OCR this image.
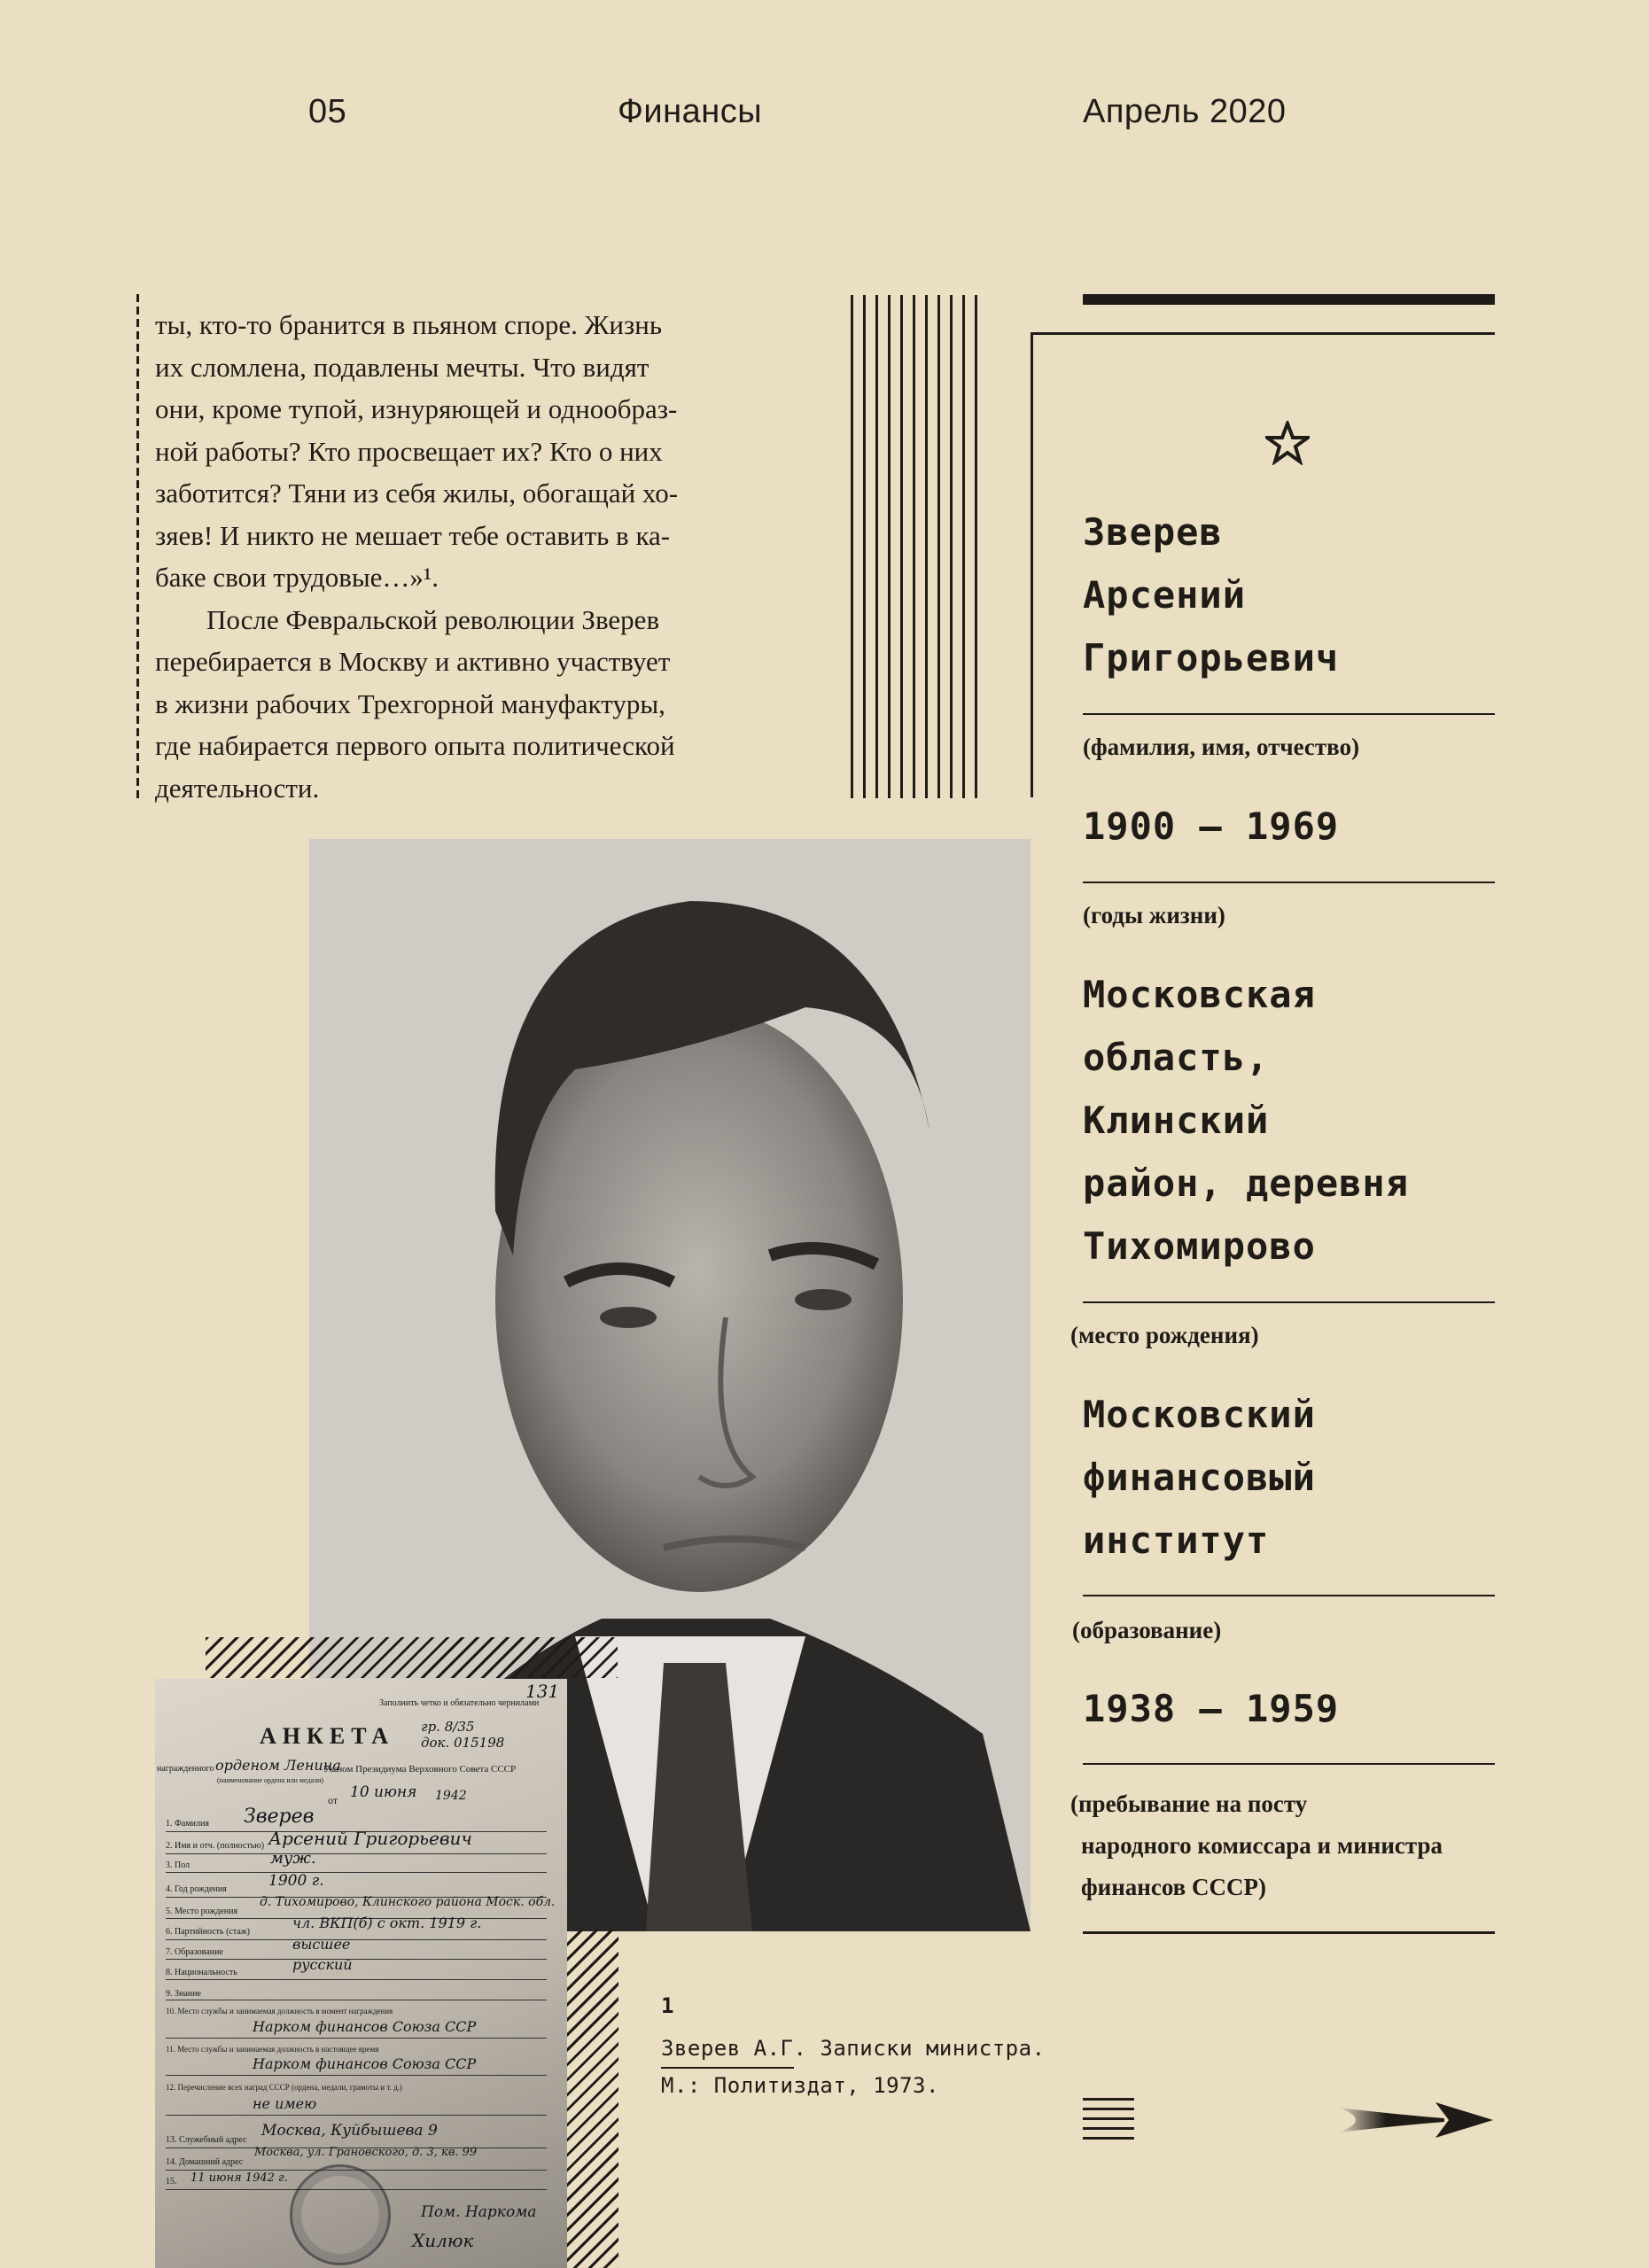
05	Финансы	Апрель 2020

ты, кто-то бранится в пьяном споре. Жизнь

их сломлена, подавлены мечты. Что видят

они, кроме тупой, изнуряющей и однообраз-

ной работы? Кто просвещает их? Кто о них

заботится? Тяни из себя жилы, обогащай хо-

зяев! И никто не мешает тебе оставить в ка-

баке свои трудовые…»¹.

После Февральской революции Зверев

перебирается в Москву и активно участвует

в жизни рабочих Трехгорной мануфактуры,

где набирается первого опыта политической

деятельности.

Зверев
Арсений
Григорьевич
(фамилия, имя, отчество)
1900 — 1969
(годы жизни)
Московская
область,
Клинский
район, деревня
Тихомирово
(место рождения)
Московский
финансовый
институт
(образование)
1938 — 1959
(пребывание на посту
народного комиссара и министра
финансов СССР)
131
Заполнить четко и обязательно чернилами
АНКЕТА гр. 8/35
док. 015198
награжденного орденом Ленина
Указом Президиума Верховного Совета СССР
(наименование ордена или медали)
от 10 июня 1942
1. Фамилия Зверев
2. Имя и отч. (полностью) Арсений Григорьевич
3. Пол	муж.
4. Год рождения	1900 г.
5. Место рождения
д. Тихомирово, Клинского района Моск. обл.
6. Партийность (стаж)
чл. ВКП(б) с окт. 1919 г.
7. Образование	высшее
8. Национальность	русский
9. Знание
10. Место службы и занимаемая должность в момент награждения
Нарком финансов Союза ССР
11. Место службы и занимаемая должность в настоящее время
Нарком финансов Союза ССР
12. Перечисление всех наград СССР (ордена, медали, грамоты и т. д.)
не имею
13. Служебный адрес
Москва, Куйбышева 9
14. Домашний адрес
Москва, ул. Грановского, д. 3, кв. 99
15. 11 июня 1942 г.
Пом. Наркома
Хилюк
1
Зверев А.Г. Записки министра.
М.: Политиздат, 1973.
